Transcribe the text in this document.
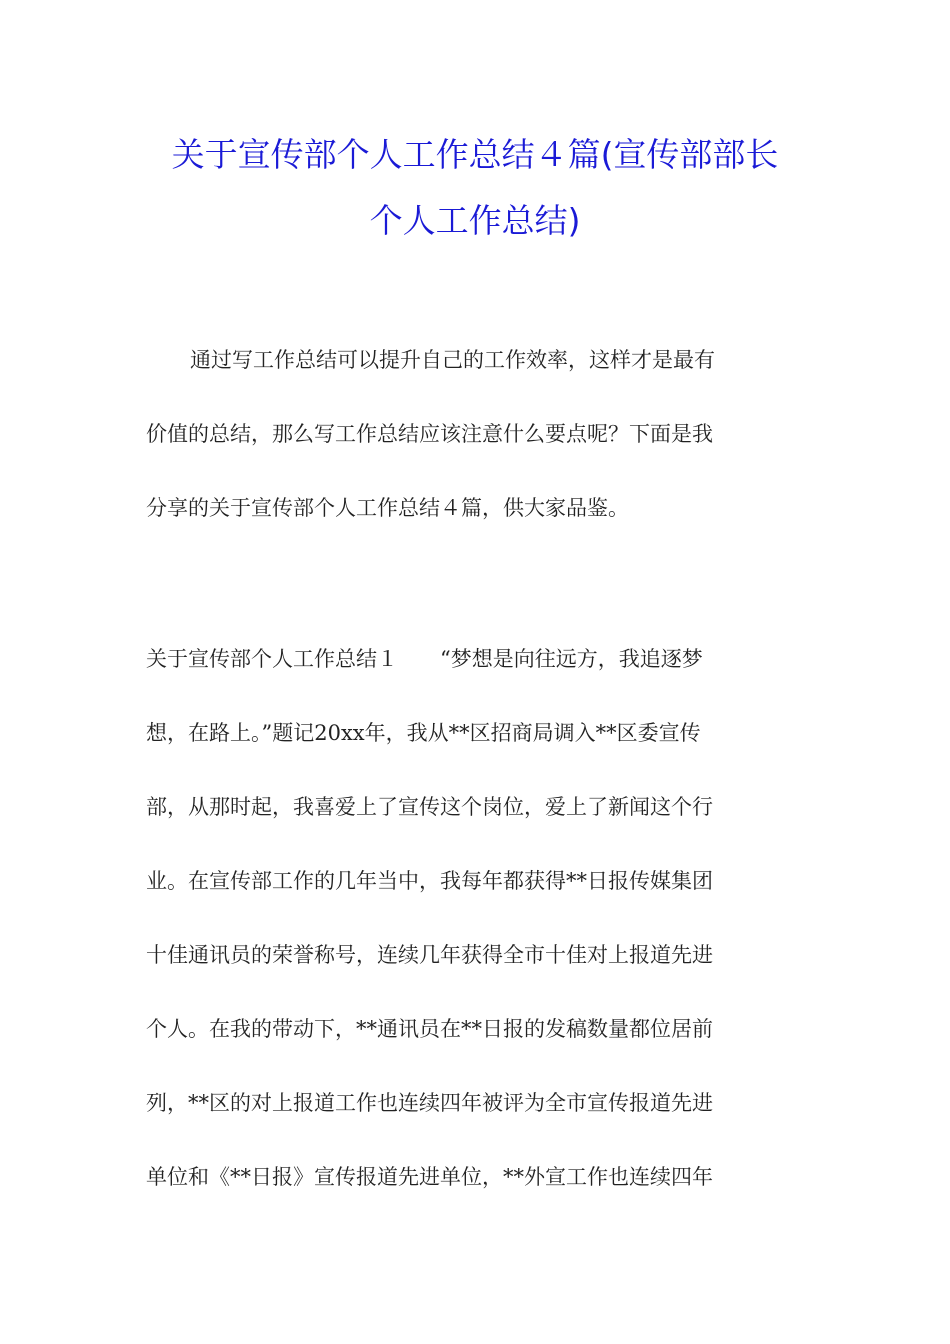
关于宣传部个人工作总结４篇(宣传部部长
个人工作总结)

通过写工作总结可以提升自己的工作效率，这样才是最有
价值的总结，那么写工作总结应该注意什么要点呢？下面是我
分享的关于宣传部个人工作总结４篇，供大家品鉴。

关于宣传部个人工作总结１　　“梦想是向往远方，我追逐梦
想，在路上。”题记20xx年，我从**区招商局调入**区委宣传
部，从那时起，我喜爱上了宣传这个岗位，爱上了新闻这个行
业。在宣传部工作的几年当中，我每年都获得**日报传媒集团
十佳通讯员的荣誉称号，连续几年获得全市十佳对上报道先进
个人。在我的带动下，**通讯员在**日报的发稿数量都位居前
列，**区的对上报道工作也连续四年被评为全市宣传报道先进
单位和《**日报》宣传报道先进单位，**外宣工作也连续四年
